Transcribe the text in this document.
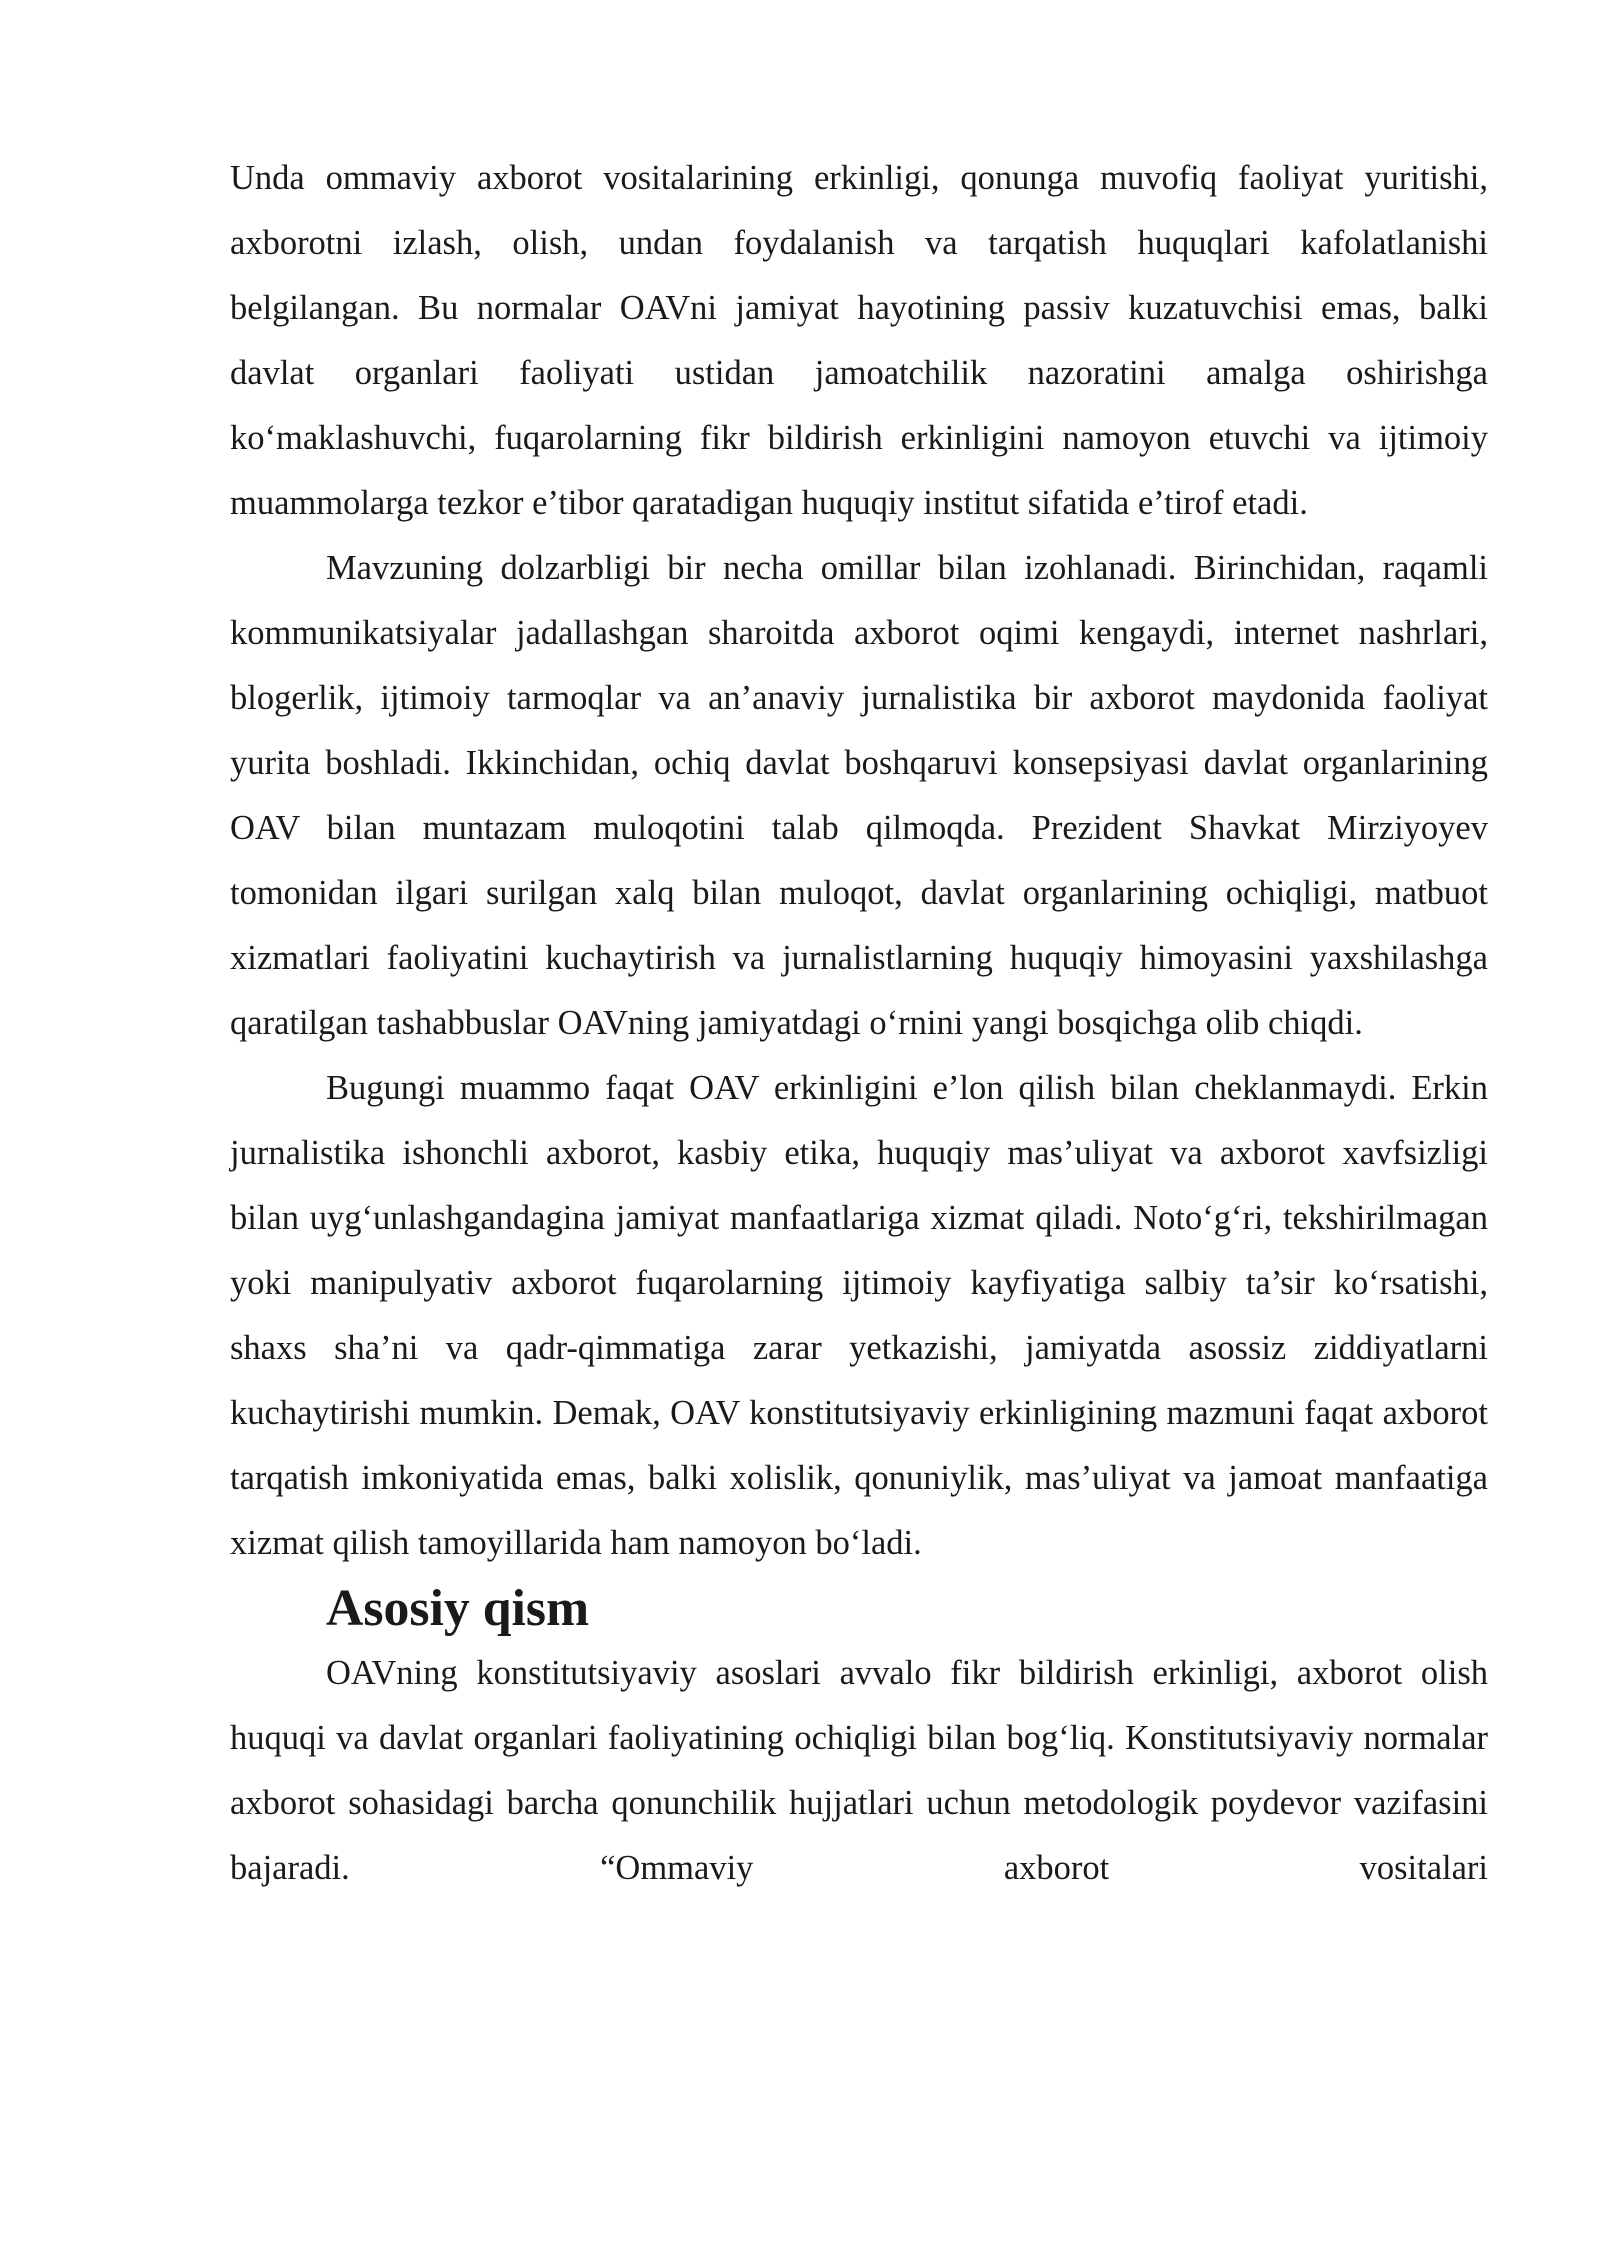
Unda ommaviy axborot vositalarining erkinligi, qonunga muvofiq faoliyat yuritishi, axborotni izlash, olish, undan foydalanish va tarqatish huquqlari kafolatlanishi belgilangan. Bu normalar OAVni jamiyat hayotining passiv kuzatuvchisi emas, balki davlat organlari faoliyati ustidan jamoatchilik nazoratini amalga oshirishga ko‘maklashuvchi, fuqarolarning fikr bildirish erkinligini namoyon etuvchi va ijtimoiy muammolarga tezkor e’tibor qaratadigan huquqiy institut sifatida e’tirof etadi.

Mavzuning dolzarbligi bir necha omillar bilan izohlanadi. Birinchidan, raqamli kommunikatsiyalar jadallashgan sharoitda axborot oqimi kengaydi, internet nashrlari, blogerlik, ijtimoiy tarmoqlar va an’anaviy jurnalistika bir axborot maydonida faoliyat yurita boshladi. Ikkinchidan, ochiq davlat boshqaruvi konsepsiyasi davlat organlarining OAV bilan muntazam muloqotini talab qilmoqda. Prezident Shavkat Mirziyoyev tomonidan ilgari surilgan xalq bilan muloqot, davlat organlarining ochiqligi, matbuot xizmatlari faoliyatini kuchaytirish va jurnalistlarning huquqiy himoyasini yaxshilashga qaratilgan tashabbuslar OAVning jamiyatdagi o‘rnini yangi bosqichga olib chiqdi.

Bugungi muammo faqat OAV erkinligini e’lon qilish bilan cheklanmaydi. Erkin jurnalistika ishonchli axborot, kasbiy etika, huquqiy mas’uliyat va axborot xavfsizligi bilan uyg‘unlashgandagina jamiyat manfaatlariga xizmat qiladi. Noto‘g‘ri, tekshirilmagan yoki manipulyativ axborot fuqarolarning ijtimoiy kayfiyatiga salbiy ta’sir ko‘rsatishi, shaxs sha’ni va qadr-qimmatiga zarar yetkazishi, jamiyatda asossiz ziddiyatlarni kuchaytirishi mumkin. Demak, OAV konstitutsiyaviy erkinligining mazmuni faqat axborot tarqatish imkoniyatida emas, balki xolislik, qonuniylik, mas’uliyat va jamoat manfaatiga xizmat qilish tamoyillarida ham namoyon bo‘ladi.

Asosiy qism

OAVning konstitutsiyaviy asoslari avvalo fikr bildirish erkinligi, axborot olish huquqi va davlat organlari faoliyatining ochiqligi bilan bog‘liq. Konstitutsiyaviy normalar axborot sohasidagi barcha qonunchilik hujjatlari uchun metodologik poydevor vazifasini bajaradi. “Ommaviy axborot vositalari
